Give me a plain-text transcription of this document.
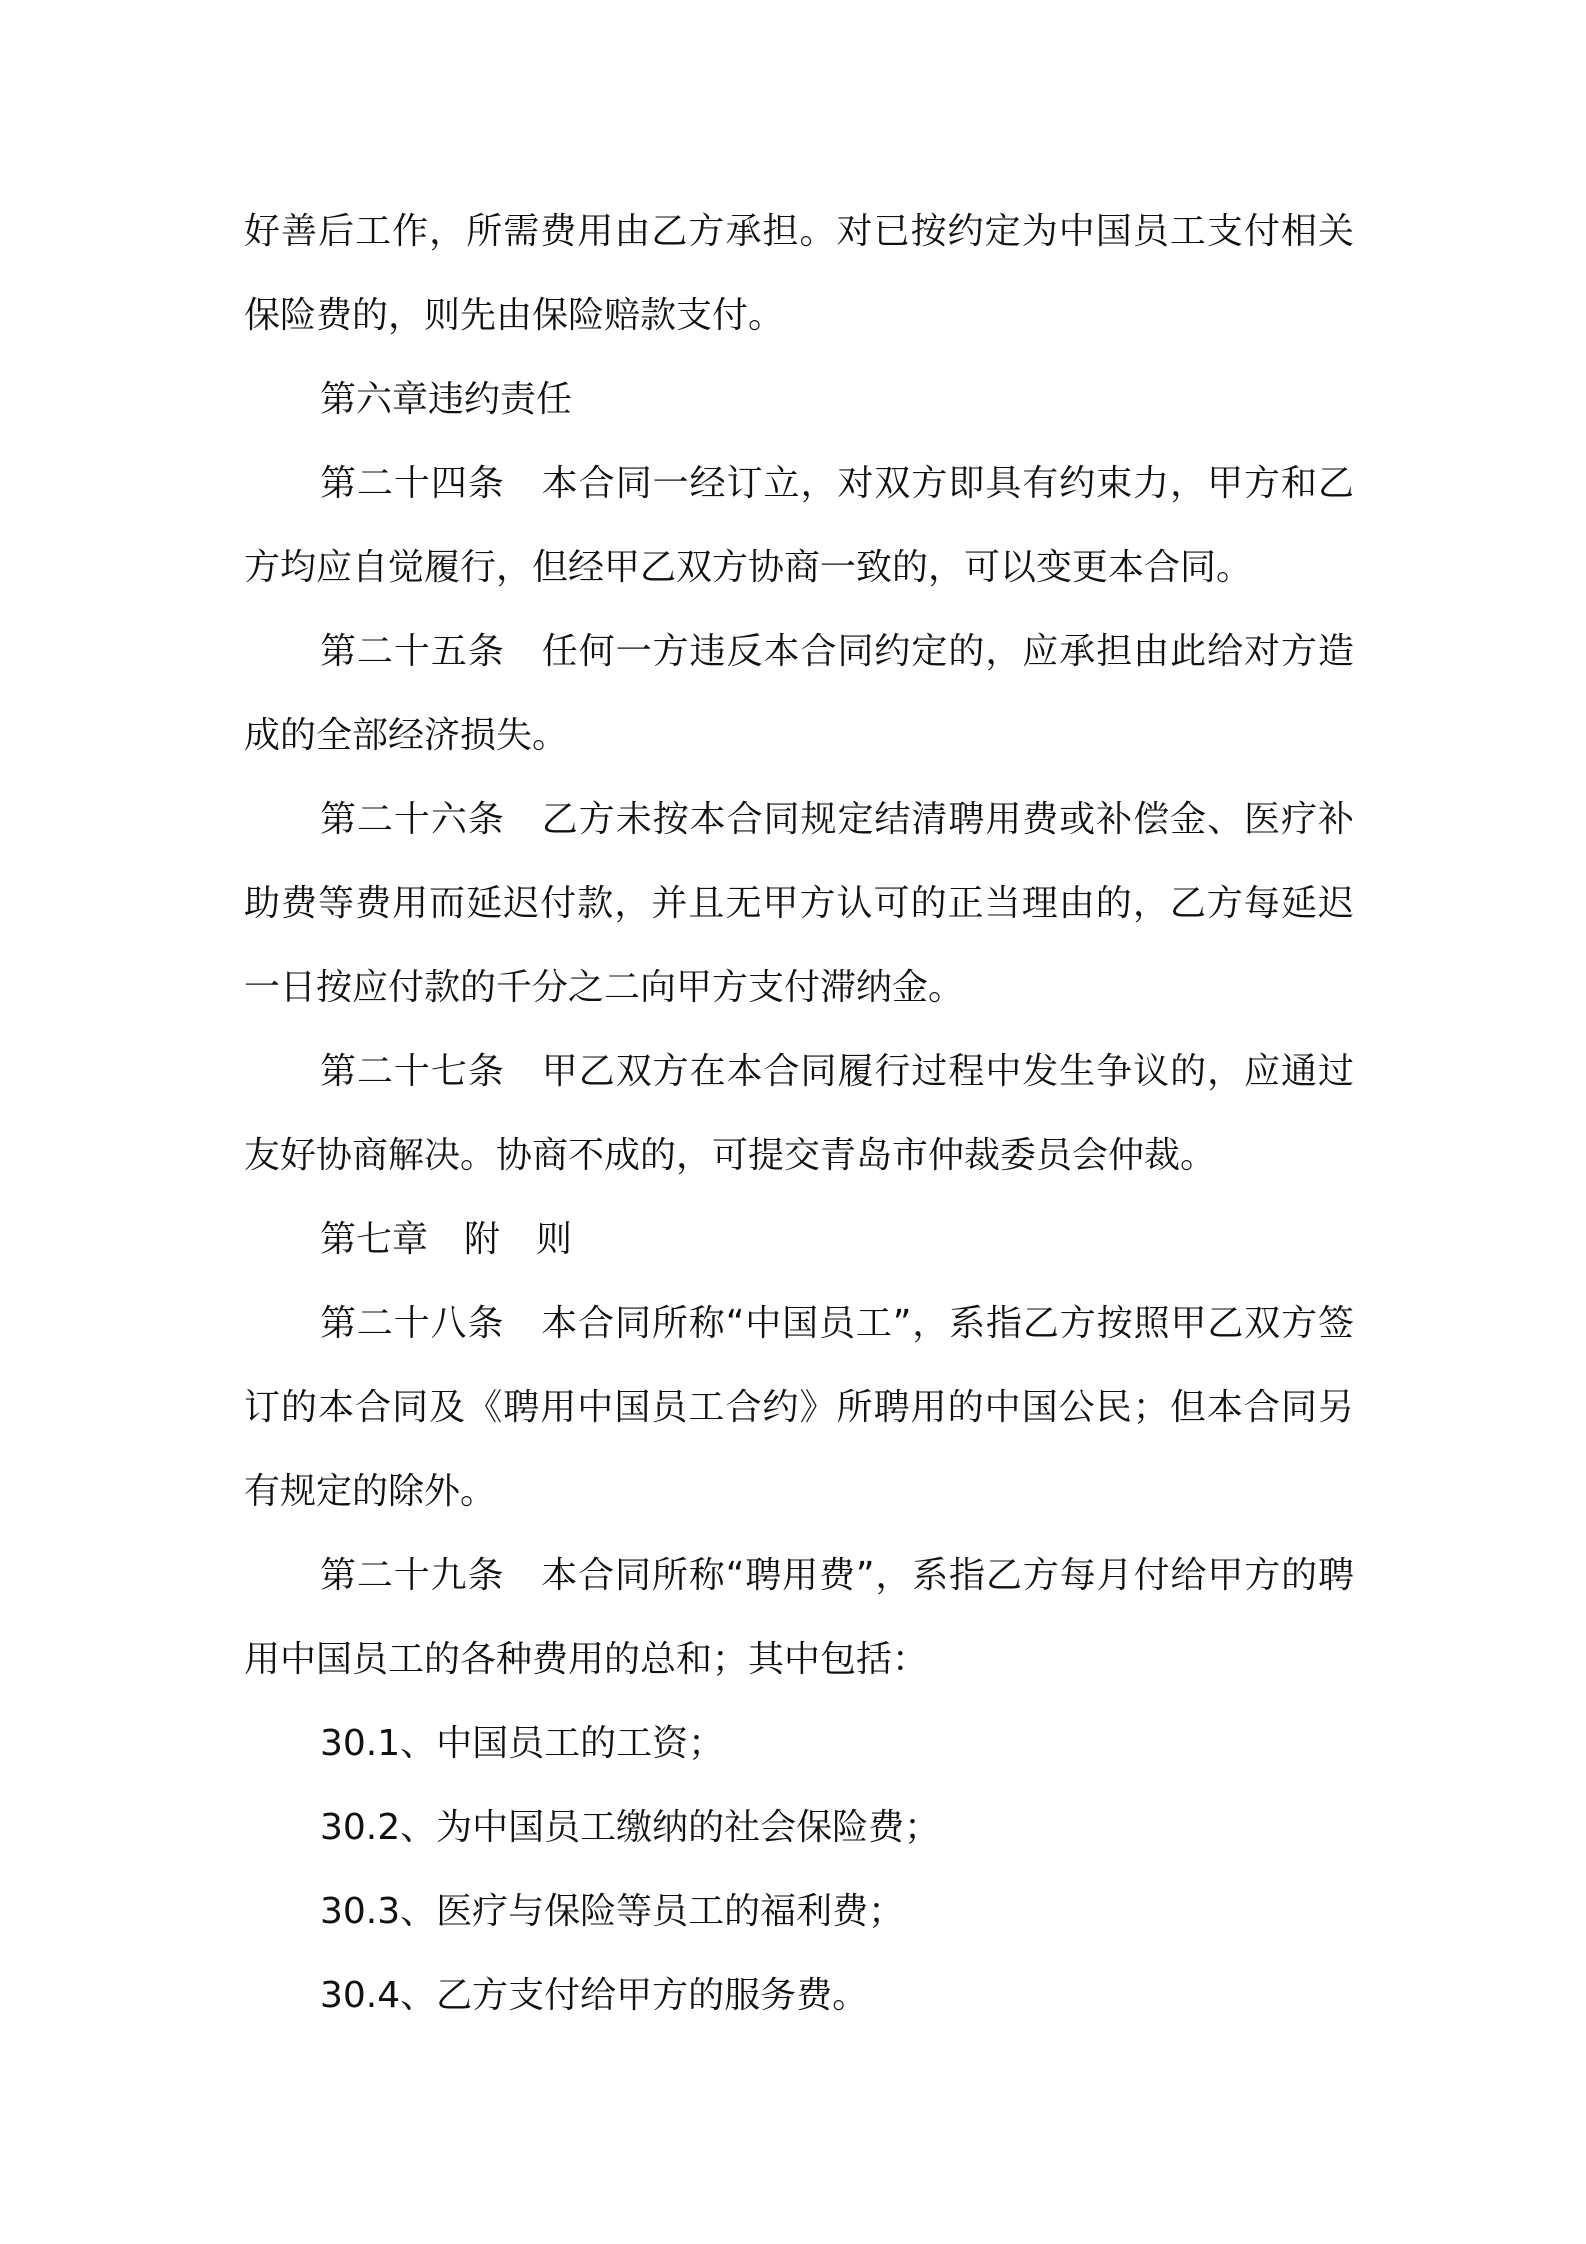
好善后工作，所需费用由乙方承担。对已按约定为中国员工支付相关保险费的，则先由保险赔款支付。

第六章违约责任

第二十四条 本合同一经订立，对双方即具有约束力，甲方和乙方均应自觉履行，但经甲乙双方协商一致的，可以变更本合同。

第二十五条 任何一方违反本合同约定的，应承担由此给对方造成的全部经济损失。

第二十六条 乙方未按本合同规定结清聘用费或补偿金、医疗补助费等费用而延迟付款，并且无甲方认可的正当理由的，乙方每延迟一日按应付款的千分之二向甲方支付滞纳金。

第二十七条 甲乙双方在本合同履行过程中发生争议的，应通过友好协商解决。协商不成的，可提交青岛市仲裁委员会仲裁。

第七章　附　则

第二十八条 本合同所称“中国员工”，系指乙方按照甲乙双方签订的本合同及《聘用中国员工合约》所聘用的中国公民；但本合同另有规定的除外。

第二十九条 本合同所称“聘用费”，系指乙方每月付给甲方的聘用中国员工的各种费用的总和；其中包括：

30.1、中国员工的工资；

30.2、为中国员工缴纳的社会保险费；

30.3、医疗与保险等员工的福利费；

30.4、乙方支付给甲方的服务费。
